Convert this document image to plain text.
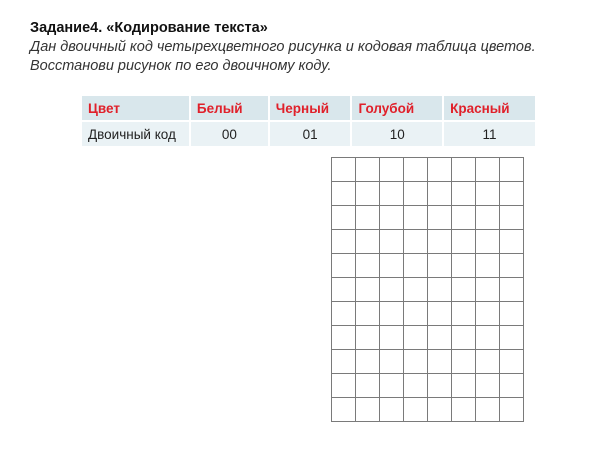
Задание4. «Кодирование текста»
Дан двоичный код четырехцветного рисунка и кодовая таблица цветов.
Восстанови рисунок по его двоичному коду.
Цвет	Белый	Черный	Голубой	Красный
Двоичный код	00	01	10	11
